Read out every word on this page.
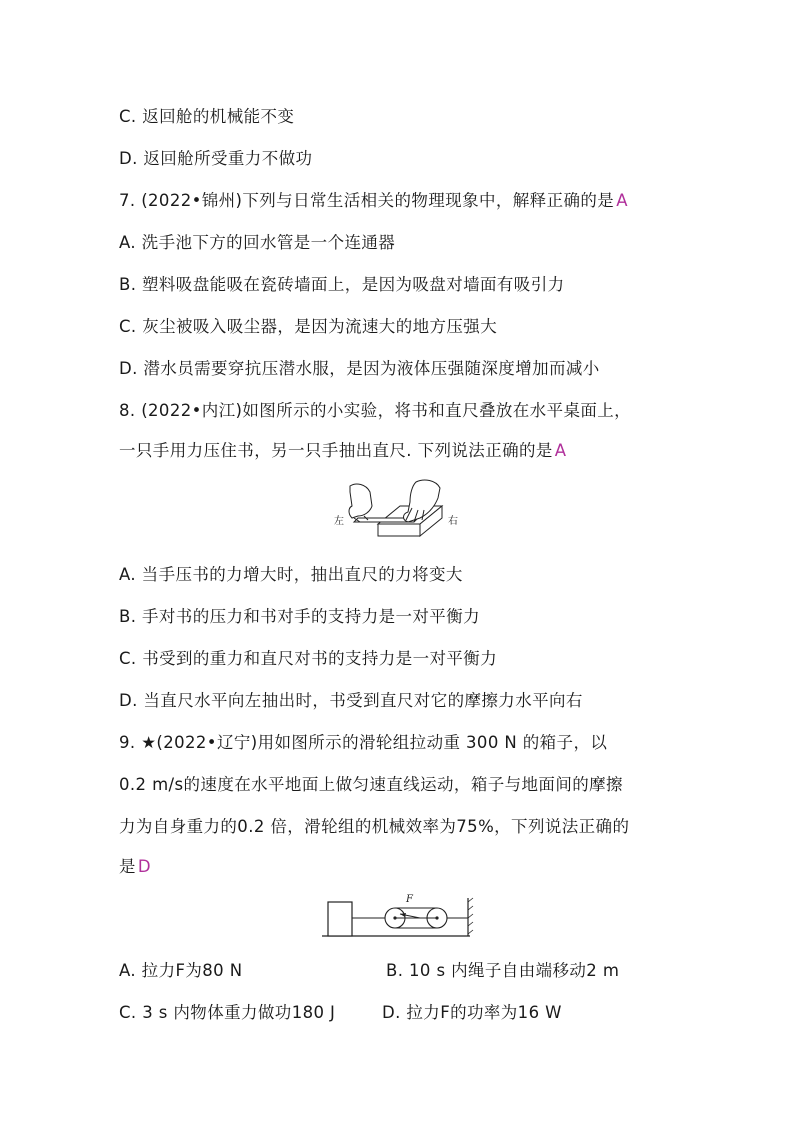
C. 返回舱的机械能不变
D. 返回舱所受重力不做功
7. (2022•锦州)下列与日常生活相关的物理现象中，解释正确的是 A
A. 洗手池下方的回水管是一个连通器
B. 塑料吸盘能吸在瓷砖墙面上，是因为吸盘对墙面有吸引力
C. 灰尘被吸入吸尘器，是因为流速大的地方压强大
D. 潜水员需要穿抗压潜水服，是因为液体压强随深度增加而减小
8. (2022•内江)如图所示的小实验，将书和直尺叠放在水平桌面上，
一只手用力压住书，另一只手抽出直尺. 下列说法正确的是 A
左	右
A. 当手压书的力增大时，抽出直尺的力将变大
B. 手对书的压力和书对手的支持力是一对平衡力
C. 书受到的重力和直尺对书的支持力是一对平衡力
D. 当直尺水平向左抽出时，书受到直尺对它的摩擦力水平向右
9. ★(2022•辽宁)用如图所示的滑轮组拉动重 300 N 的箱子，以
0.2 m/s的速度在水平地面上做匀速直线运动，箱子与地面间的摩擦
力为自身重力的0.2 倍，滑轮组的机械效率为75%，下列说法正确的
是 D
F
A. 拉力F为80 N	B. 10 s 内绳子自由端移动2 m
C. 3 s 内物体重力做功180 J	D. 拉力F的功率为16 W
